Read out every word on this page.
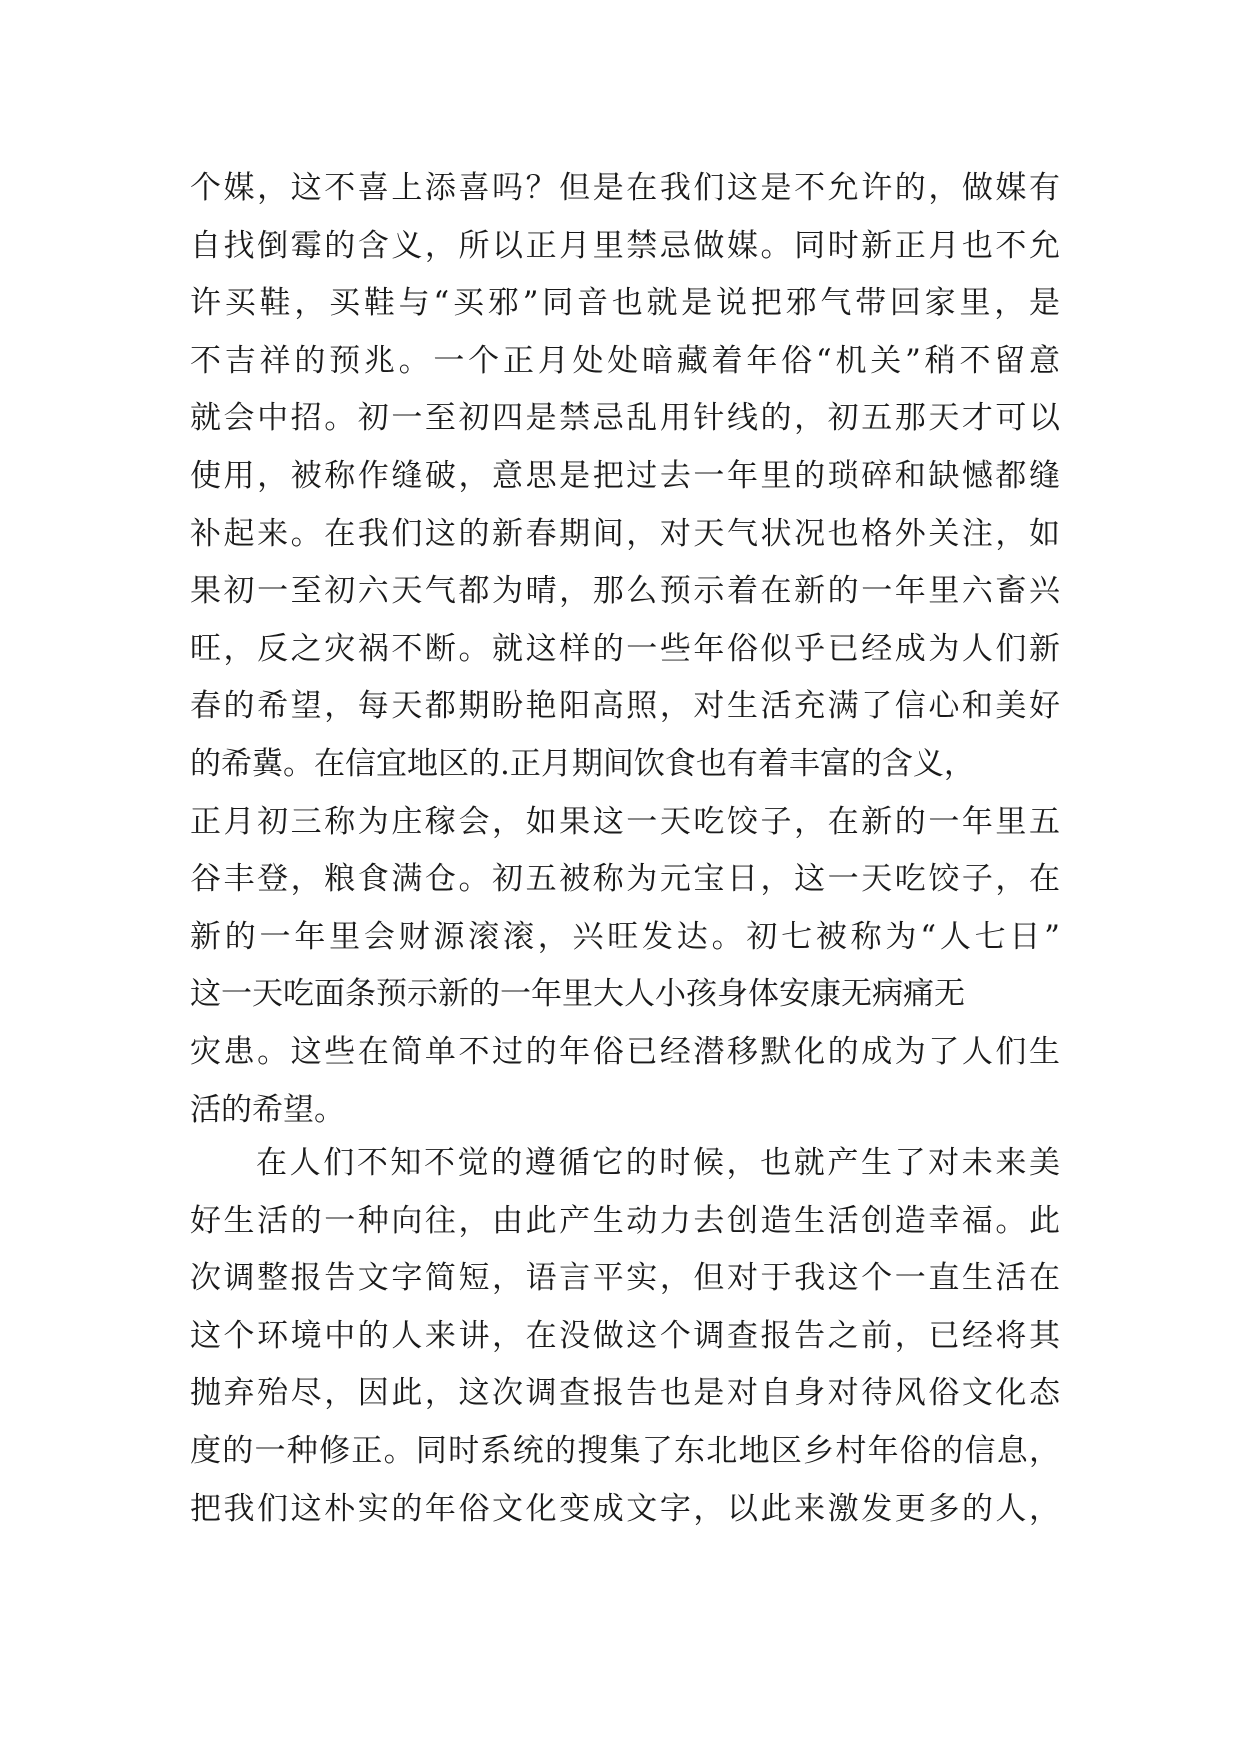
个媒，这不喜上添喜吗？但是在我们这是不允许的，做媒有
自找倒霉的含义，所以正月里禁忌做媒。同时新正月也不允
许买鞋，买鞋与“买邪”同音也就是说把邪气带回家里，是
不吉祥的预兆。一个正月处处暗藏着年俗“机关”稍不留意
就会中招。初一至初四是禁忌乱用针线的，初五那天才可以
使用，被称作缝破，意思是把过去一年里的琐碎和缺憾都缝
补起来。在我们这的新春期间，对天气状况也格外关注，如
果初一至初六天气都为晴，那么预示着在新的一年里六畜兴
旺，反之灾祸不断。就这样的一些年俗似乎已经成为人们新
春的希望，每天都期盼艳阳高照，对生活充满了信心和美好
的希冀。在信宜地区的.正月期间饮食也有着丰富的含义，
正月初三称为庄稼会，如果这一天吃饺子，在新的一年里五
谷丰登，粮食满仓。初五被称为元宝日，这一天吃饺子，在
新的一年里会财源滚滚，兴旺发达。初七被称为“人七日”
这一天吃面条预示新的一年里大人小孩身体安康无病痛无
灾患。这些在简单不过的年俗已经潜移默化的成为了人们生
活的希望。
在人们不知不觉的遵循它的时候，也就产生了对未来美
好生活的一种向往，由此产生动力去创造生活创造幸福。此
次调整报告文字简短，语言平实，但对于我这个一直生活在
这个环境中的人来讲，在没做这个调查报告之前，已经将其
抛弃殆尽，因此，这次调查报告也是对自身对待风俗文化态
度的一种修正。同时系统的搜集了东北地区乡村年俗的信息，
把我们这朴实的年俗文化变成文字，以此来激发更多的人，
